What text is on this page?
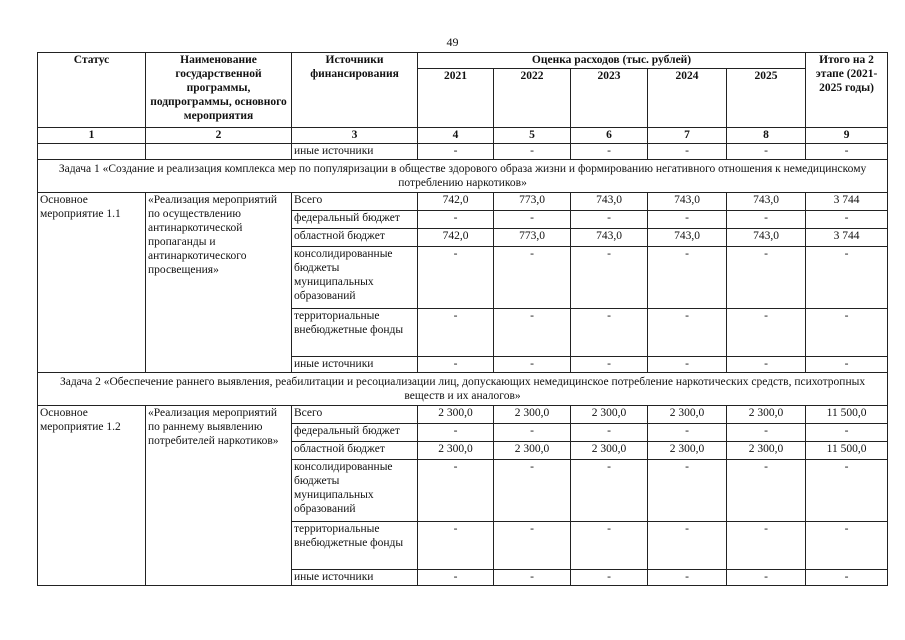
49
Статус	Наименование государственной программы, подпрограммы, основного мероприятия	Источники финансирования	Оценка расходов (тыс. рублей)					Итого на 2 этапе (2021-2025 годы)
			2021	2022	2023	2024	2025	
1	2	3	4	5	6	7	8	9
		иные источники	-	-	-	-	-	-
Задача 1 «Создание и реализация комплекса мер по популяризации в обществе здорового образа жизни и формированию негативного отношения к немедицинскому потреблению наркотиков»								
Основное мероприятие 1.1	«Реализация мероприятий по осуществлению антинаркотической пропаганды и антинаркотического просвещения»	Всего	742,0	773,0	743,0	743,0	743,0	3 744
		федеральный бюджет	-	-	-	-	-	-
		областной бюджет	742,0	773,0	743,0	743,0	743,0	3 744
		консолидированные бюджеты муниципальных образований	-	-	-	-	-	-
		территориальные внебюджетные фонды	-	-	-	-	-	-
		иные источники	-	-	-	-	-	-
Задача 2 «Обеспечение раннего выявления, реабилитации и ресоциализации лиц, допускающих немедицинское потребление наркотических средств, психотропных веществ и их аналогов»								
Основное мероприятие 1.2	«Реализация мероприятий по раннему выявлению потребителей наркотиков»	Всего	2 300,0	2 300,0	2 300,0	2 300,0	2 300,0	11 500,0
		федеральный бюджет	-	-	-	-	-	-
		областной бюджет	2 300,0	2 300,0	2 300,0	2 300,0	2 300,0	11 500,0
		консолидированные бюджеты муниципальных образований	-	-	-	-	-	-
		территориальные внебюджетные фонды	-	-	-	-	-	-
		иные источники	-	-	-	-	-	-
